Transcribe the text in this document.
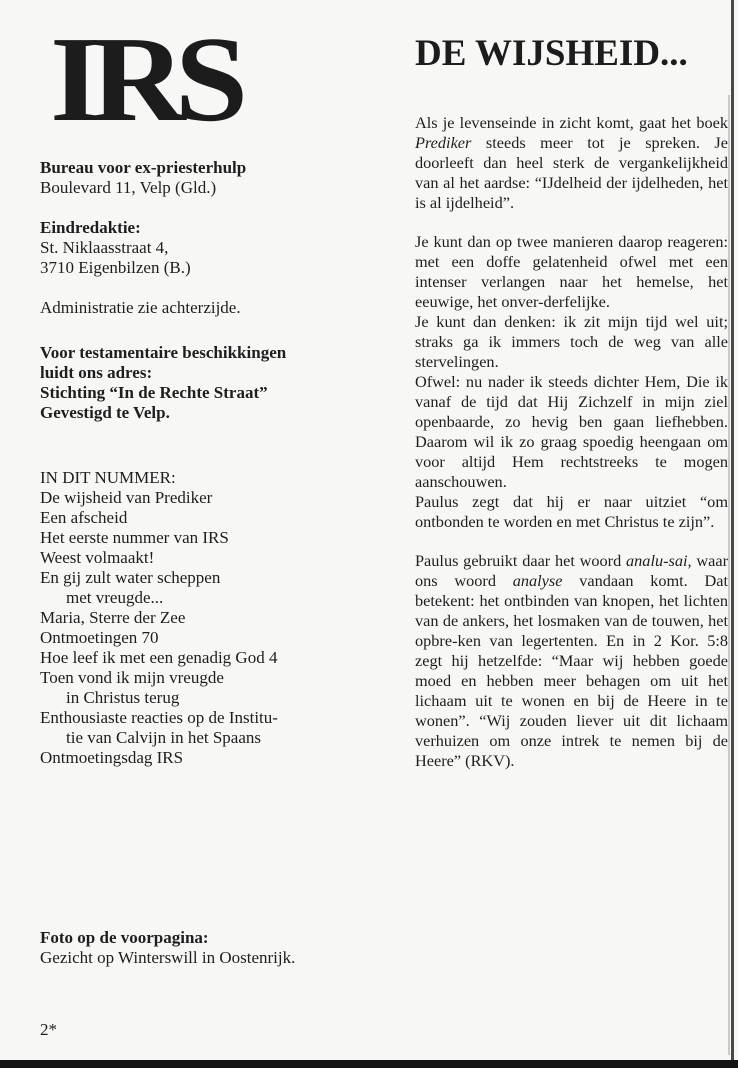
IRS

Bureau voor ex-priesterhulp

Boulevard 11, Velp (Gld.)

Eindredaktie:

St. Niklaasstraat 4,

3710 Eigenbilzen (B.)

Administratie zie achterzijde.

Voor testamentaire beschikkingen

luidt ons adres:

Stichting “In de Rechte Straat”

Gevestigd te Velp.

IN DIT NUMMER:

De wijsheid van Prediker

Een afscheid

Het eerste nummer van IRS

Weest volmaakt!

En gij zult water scheppen

met vreugde...

Maria, Sterre der Zee

Ontmoetingen 70

Hoe leef ik met een genadig God 4

Toen vond ik mijn vreugde

in Christus terug

Enthousiaste reacties op de Institu-

tie van Calvijn in het Spaans

Ontmoetingsdag IRS

Foto op de voorpagina:

Gezicht op Winterswill in Oostenrijk.

2*
DE WIJSHEID...

Als je levenseinde in zicht komt, gaat het boek Prediker steeds meer tot je spreken. Je doorleeft dan heel sterk de vergankelijkheid van al het aardse: “IJdelheid der ijdelheden, het is al ijdelheid”.

Je kunt dan op twee manieren daarop reageren: met een doffe gelatenheid ofwel met een intenser verlangen naar het hemelse, het eeuwige, het onver-derfelijke.

Je kunt dan denken: ik zit mijn tijd wel uit; straks ga ik immers toch de weg van alle stervelingen.

Ofwel: nu nader ik steeds dichter Hem, Die ik vanaf de tijd dat Hij Zichzelf in mijn ziel openbaarde, zo hevig ben gaan liefhebben. Daarom wil ik zo graag spoedig heengaan om voor altijd Hem rechtstreeks te mogen aanschouwen.

Paulus zegt dat hij er naar uitziet “om ontbonden te worden en met Christus te zijn”.

Paulus gebruikt daar het woord analu-sai, waar ons woord analyse vandaan komt. Dat betekent: het ontbinden van knopen, het lichten van de ankers, het losmaken van de touwen, het opbre-ken van legertenten. En in 2 Kor. 5:8 zegt hij hetzelfde: “Maar wij hebben goede moed en hebben meer behagen om uit het lichaam uit te wonen en bij de Heere in te wonen”. “Wij zouden liever uit dit lichaam verhuizen om onze intrek te nemen bij de Heere” (RKV).
